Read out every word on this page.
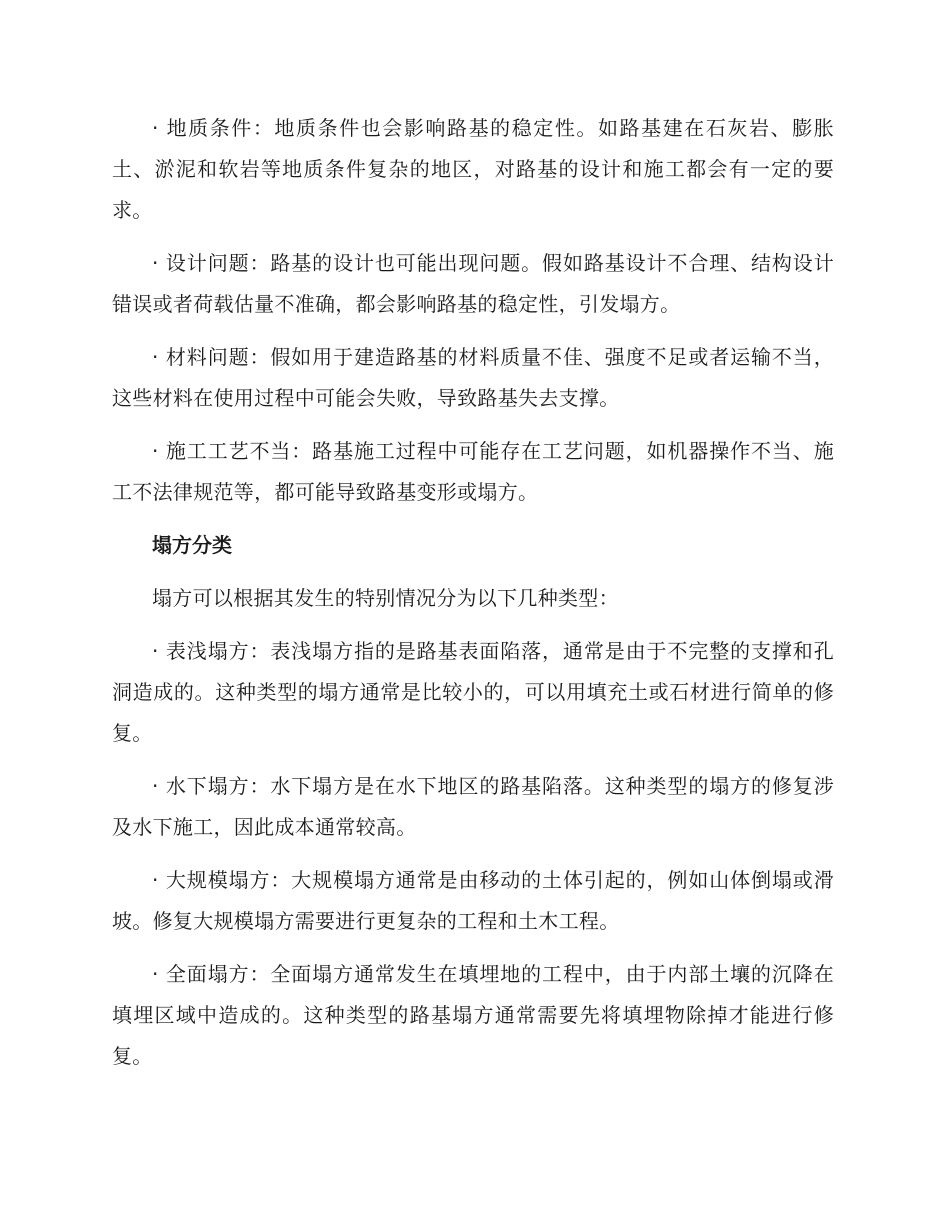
· 地质条件：地质条件也会影响路基的稳定性。如路基建在石灰岩、膨胀土、淤泥和软岩等地质条件复杂的地区，对路基的设计和施工都会有一定的要求。

· 设计问题：路基的设计也可能出现问题。假如路基设计不合理、结构设计错误或者荷载估量不准确，都会影响路基的稳定性，引发塌方。

· 材料问题：假如用于建造路基的材料质量不佳、强度不足或者运输不当，这些材料在使用过程中可能会失败，导致路基失去支撑。

· 施工工艺不当：路基施工过程中可能存在工艺问题，如机器操作不当、施工不法律规范等，都可能导致路基变形或塌方。

塌方分类

塌方可以根据其发生的特别情况分为以下几种类型：

· 表浅塌方：表浅塌方指的是路基表面陷落，通常是由于不完整的支撑和孔洞造成的。这种类型的塌方通常是比较小的，可以用填充土或石材进行简单的修复。

· 水下塌方：水下塌方是在水下地区的路基陷落。这种类型的塌方的修复涉及水下施工，因此成本通常较高。

· 大规模塌方：大规模塌方通常是由移动的土体引起的，例如山体倒塌或滑坡。修复大规模塌方需要进行更复杂的工程和土木工程。

· 全面塌方：全面塌方通常发生在填埋地的工程中，由于内部土壤的沉降在填埋区域中造成的。这种类型的路基塌方通常需要先将填埋物除掉才能进行修复。
